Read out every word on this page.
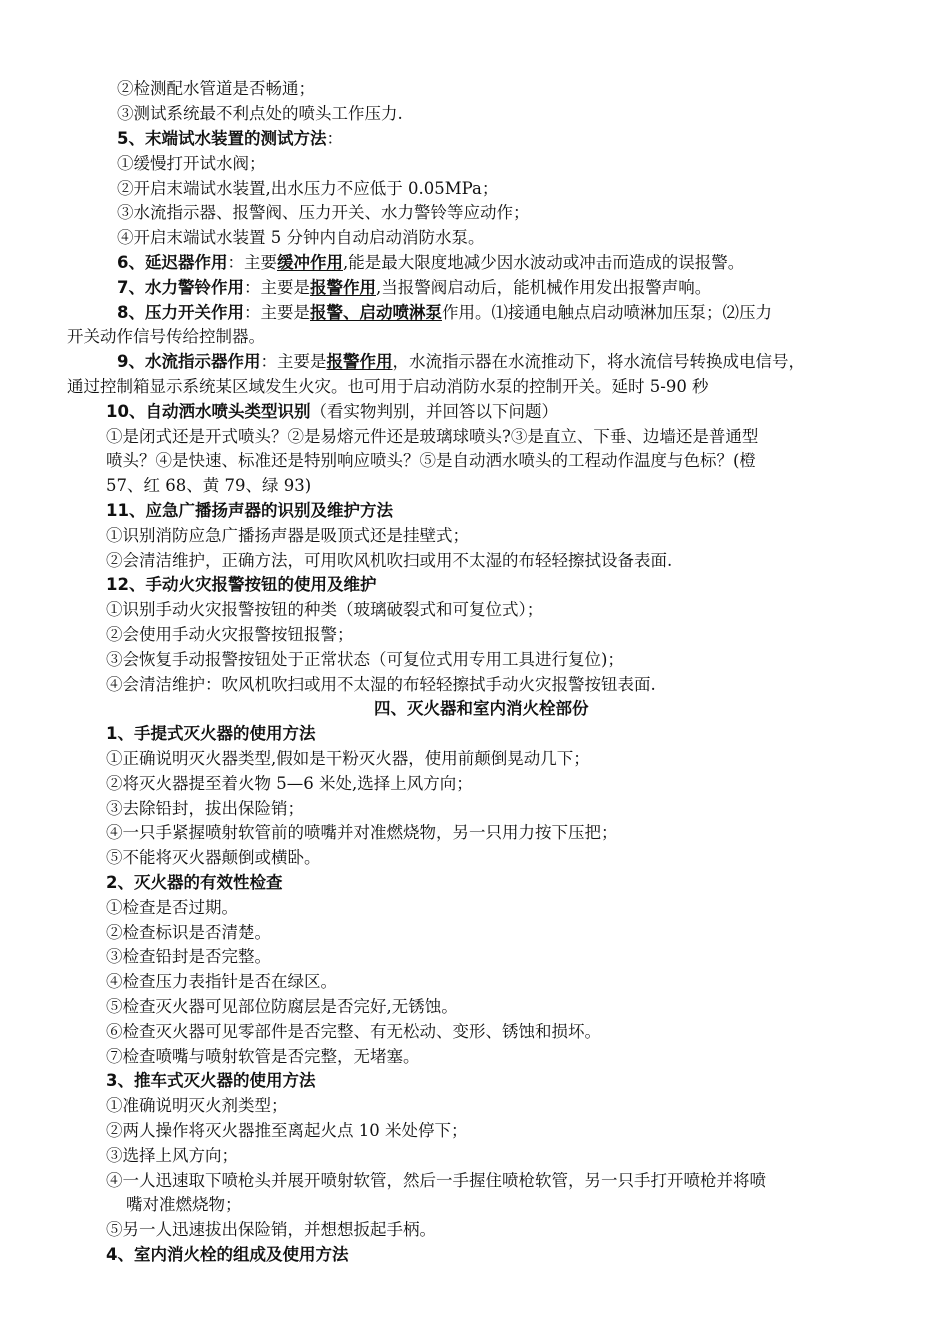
②检测配水管道是否畅通；
③测试系统最不利点处的喷头工作压力.
5、末端试水装置的测试方法：
①缓慢打开试水阀；
②开启末端试水装置,出水压力不应低于 0.05MPa；
③水流指示器、报警阀、压力开关、水力警铃等应动作；
④开启末端试水装置 5 分钟内自动启动消防水泵。
6、延迟器作用：主要缓冲作用,能是最大限度地减少因水波动或冲击而造成的误报警。
7、水力警铃作用：主要是报警作用,当报警阀启动后，能机械作用发出报警声响。
8、压力开关作用：主要是报警、启动喷淋泵作用。⑴接通电触点启动喷淋加压泵；⑵压力
开关动作信号传给控制器。
9、水流指示器作用：主要是报警作用，水流指示器在水流推动下，将水流信号转换成电信号，
通过控制箱显示系统某区域发生火灾。也可用于启动消防水泵的控制开关。延时 5-90 秒
10、自动洒水喷头类型识别（看实物判别，并回答以下问题）
①是闭式还是开式喷头？②是易熔元件还是玻璃球喷头?③是直立、下垂、边墙还是普通型
喷头？④是快速、标准还是特别响应喷头？⑤是自动洒水喷头的工程动作温度与色标？(橙
57、红 68、黄 79、绿 93)
11、应急广播扬声器的识别及维护方法
①识别消防应急广播扬声器是吸顶式还是挂壁式；
②会清洁维护，正确方法，可用吹风机吹扫或用不太湿的布轻轻擦拭设备表面.
12、手动火灾报警按钮的使用及维护
①识别手动火灾报警按钮的种类（玻璃破裂式和可复位式）；
②会使用手动火灾报警按钮报警；
③会恢复手动报警按钮处于正常状态（可复位式用专用工具进行复位)；
④会清洁维护：吹风机吹扫或用不太湿的布轻轻擦拭手动火灾报警按钮表面.
四、灭火器和室内消火栓部份
1、手提式灭火器的使用方法
①正确说明灭火器类型,假如是干粉灭火器，使用前颠倒晃动几下；
②将灭火器提至着火物 5—6 米处,选择上风方向；
③去除铅封，拔出保险销；
④一只手紧握喷射软管前的喷嘴并对准燃烧物，另一只用力按下压把；
⑤不能将灭火器颠倒或横卧。
2、灭火器的有效性检查
①检查是否过期。
②检查标识是否清楚。
③检查铅封是否完整。
④检查压力表指针是否在绿区。
⑤检查灭火器可见部位防腐层是否完好,无锈蚀。
⑥检查灭火器可见零部件是否完整、有无松动、变形、锈蚀和损坏。
⑦检查喷嘴与喷射软管是否完整，无堵塞。
3、推车式灭火器的使用方法
①准确说明灭火剂类型；
②两人操作将灭火器推至离起火点 10 米处停下；
③选择上风方向；
④一人迅速取下喷枪头并展开喷射软管，然后一手握住喷枪软管，另一只手打开喷枪并将喷
嘴对准燃烧物；
⑤另一人迅速拔出保险销，并想想扳起手柄。
4、室内消火栓的组成及使用方法
